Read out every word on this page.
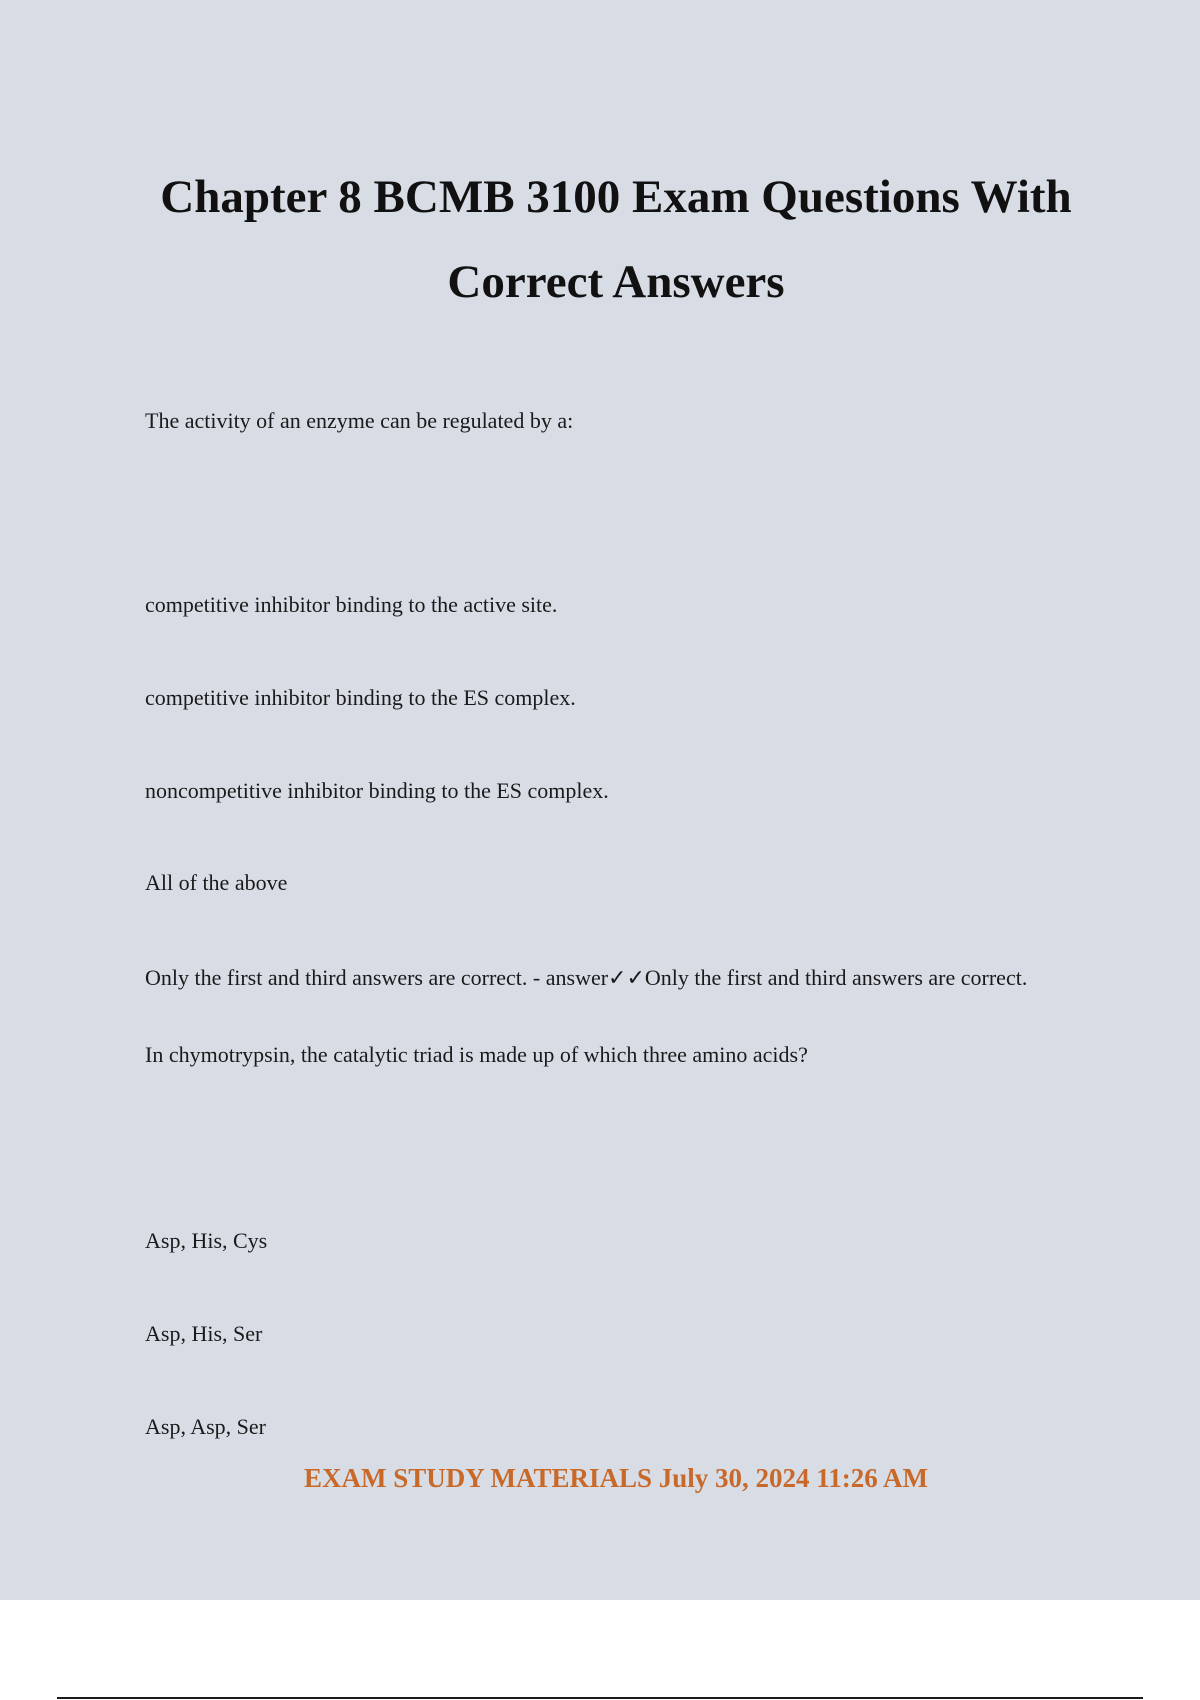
Chapter 8 BCMB 3100 Exam Questions With
Correct Answers

The activity of an enzyme can be regulated by a:

competitive inhibitor binding to the active site.

competitive inhibitor binding to the ES complex.

noncompetitive inhibitor binding to the ES complex.

All of the above

Only the first and third answers are correct. - answer✓✓Only the first and third answers are correct.

In chymotrypsin, the catalytic triad is made up of which three amino acids?

Asp, His, Cys

Asp, His, Ser

Asp, Asp, Ser

EXAM STUDY MATERIALS July 30, 2024 11:26 AM
